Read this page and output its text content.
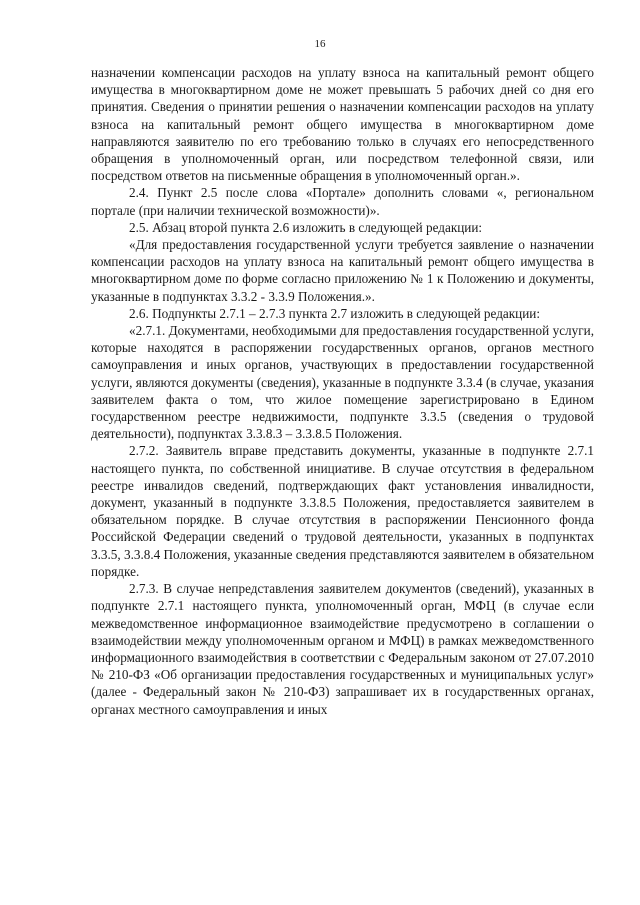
16

назначении компенсации расходов на уплату взноса на капитальный ремонт общего имущества в многоквартирном доме не может превышать 5 рабочих дней со дня его принятия. Сведения о принятии решения о назначении компенсации расходов на уплату взноса на капитальный ремонт общего имущества в многоквартирном доме направляются заявителю по его требованию только в случаях его непосредственного обращения в уполномоченный орган, или посредством телефонной связи, или посредством ответов на письменные обращения в уполномоченный орган.».

2.4. Пункт 2.5 после слова «Портале» дополнить словами «, региональном портале (при наличии технической возможности)».

2.5. Абзац второй пункта 2.6 изложить в следующей редакции:

«Для предоставления государственной услуги требуется заявление о назначении компенсации расходов на уплату взноса на капитальный ремонт общего имущества в многоквартирном доме по форме согласно приложению № 1 к Положению и документы, указанные в подпунктах 3.3.2 - 3.3.9 Положения.».

2.6. Подпункты 2.7.1 – 2.7.3 пункта 2.7 изложить в следующей редакции:

«2.7.1. Документами, необходимыми для предоставления государственной услуги, которые находятся в распоряжении государственных органов, органов местного самоуправления и иных органов, участвующих в предоставлении государственной услуги, являются документы (сведения), указанные в подпункте 3.3.4 (в случае, указания заявителем факта о том, что жилое помещение зарегистрировано в Едином государственном реестре недвижимости, подпункте 3.3.5 (сведения о трудовой деятельности), подпунктах 3.3.8.3 – 3.3.8.5 Положения.

2.7.2. Заявитель вправе представить документы, указанные в подпункте 2.7.1 настоящего пункта, по собственной инициативе. В случае отсутствия в федеральном реестре инвалидов сведений, подтверждающих факт установления инвалидности, документ, указанный в подпункте 3.3.8.5 Положения, предоставляется заявителем в обязательном порядке. В случае отсутствия в распоряжении Пенсионного фонда Российской Федерации сведений о трудовой деятельности, указанных в подпунктах 3.3.5, 3.3.8.4 Положения, указанные сведения представляются заявителем в обязательном порядке.

2.7.3. В случае непредставления заявителем документов (сведений), указанных в подпункте 2.7.1 настоящего пункта, уполномоченный орган, МФЦ (в случае если межведомственное информационное взаимодействие предусмотрено в соглашении о взаимодействии между уполномоченным органом и МФЦ) в рамках межведомственного информационного взаимодействия в соответствии с Федеральным законом от 27.07.2010 № 210-ФЗ «Об организации предоставления государственных и муниципальных услуг» (далее - Федеральный закон № 210-ФЗ) запрашивает их в государственных органах, органах местного самоуправления и иных
